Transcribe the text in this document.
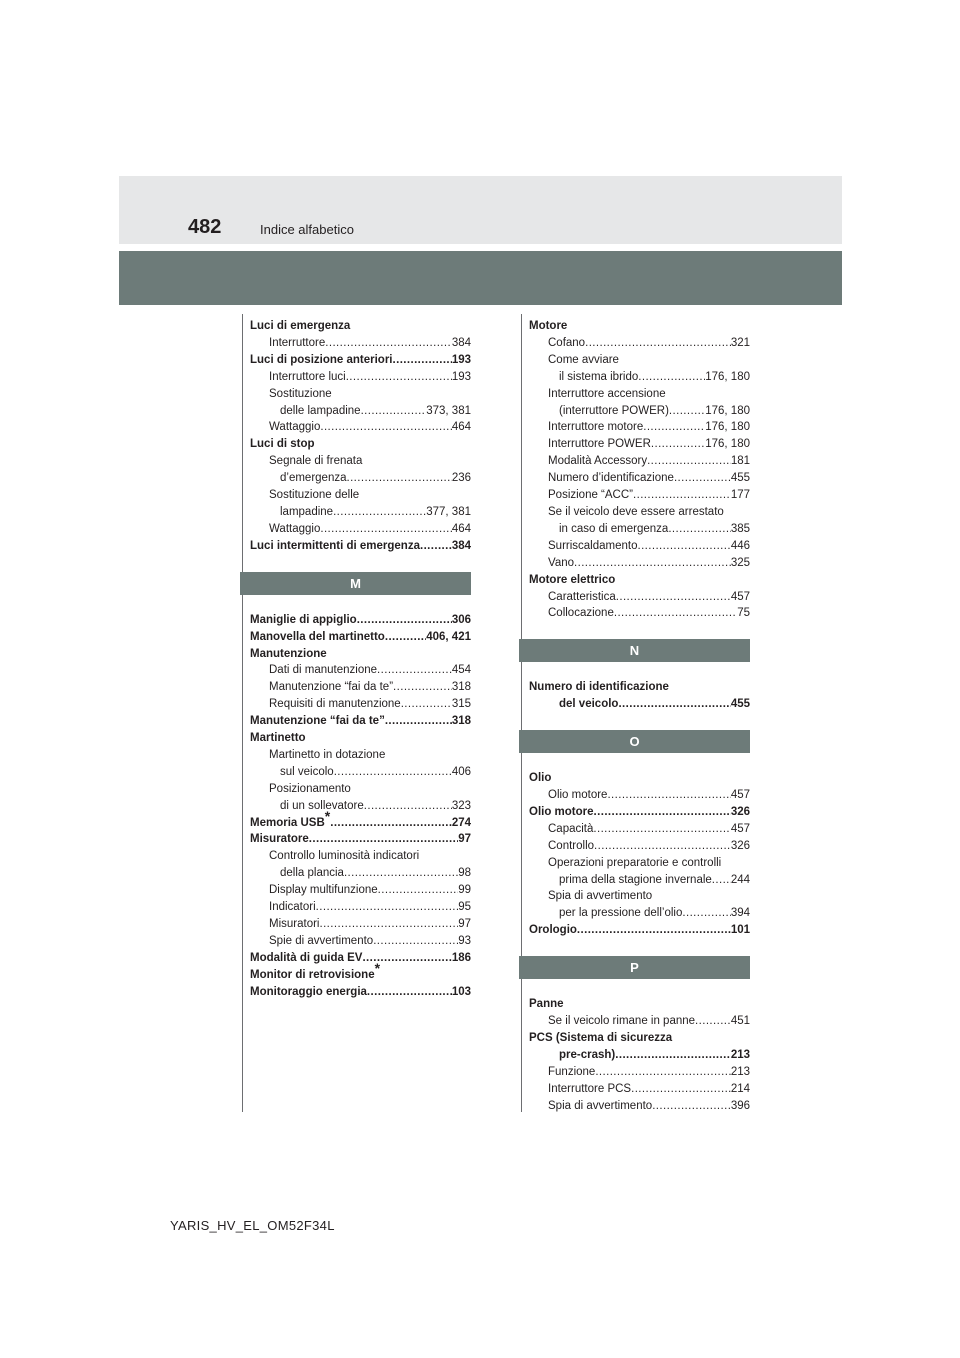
482	Indice alfabetico
Luci di emergenza
Interruttore .....	384
Luci di posizione anteriori .....	193
Interruttore luci .....	193
Sostituzione
delle lampadine .....	373, 381
Wattaggio .....	464
Luci di stop
Segnale di frenata
d’emergenza .....	236
Sostituzione delle
lampadine .....	377, 381
Wattaggio .....	464
Luci intermittenti di emergenza .....	384
M
Maniglie di appiglio .....	306
Manovella del martinetto .....	406, 421
Manutenzione
Dati di manutenzione .....	454
Manutenzione “fai da te” .....	318
Requisiti di manutenzione .....	315
Manutenzione “fai da te” .....	318
Martinetto
Martinetto in dotazione
sul veicolo .....	406
Posizionamento
di un sollevatore .....	323
Memoria USB* .....	274
Misuratore .....	97
Controllo luminosità indicatori
della plancia .....	98
Display multifunzione .....	99
Indicatori .....	95
Misuratori .....	97
Spie di avvertimento .....	93
Modalità di guida EV .....	186
Monitor di retrovisione*
Monitoraggio energia .....	103
Motore
Cofano .....	321
Come avviare
il sistema ibrido .....	176, 180
Interruttore accensione
(interruttore POWER) .....	176, 180
Interruttore motore .....	176, 180
Interruttore POWER .....	176, 180
Modalità Accessory .....	181
Numero d’identificazione .....	455
Posizione “ACC” .....	177
Se il veicolo deve essere arrestato
in caso di emergenza .....	385
Surriscaldamento .....	446
Vano .....	325
Motore elettrico
Caratteristica .....	457
Collocazione .....	75
N
Numero di identificazione
del veicolo .....	455
O
Olio
Olio motore .....	457
Olio motore .....	326
Capacità .....	457
Controllo .....	326
Operazioni preparatorie e controlli
prima della stagione invernale ..... 244
Spia di avvertimento
per la pressione dell’olio .....	394
Orologio .....	101
P
Panne
Se il veicolo rimane in panne .....	451
PCS (Sistema di sicurezza
pre-crash) .....	213
Funzione .....	213
Interruttore PCS .....	214
Spia di avvertimento .....	396
YARIS_HV_EL_OM52F34L
